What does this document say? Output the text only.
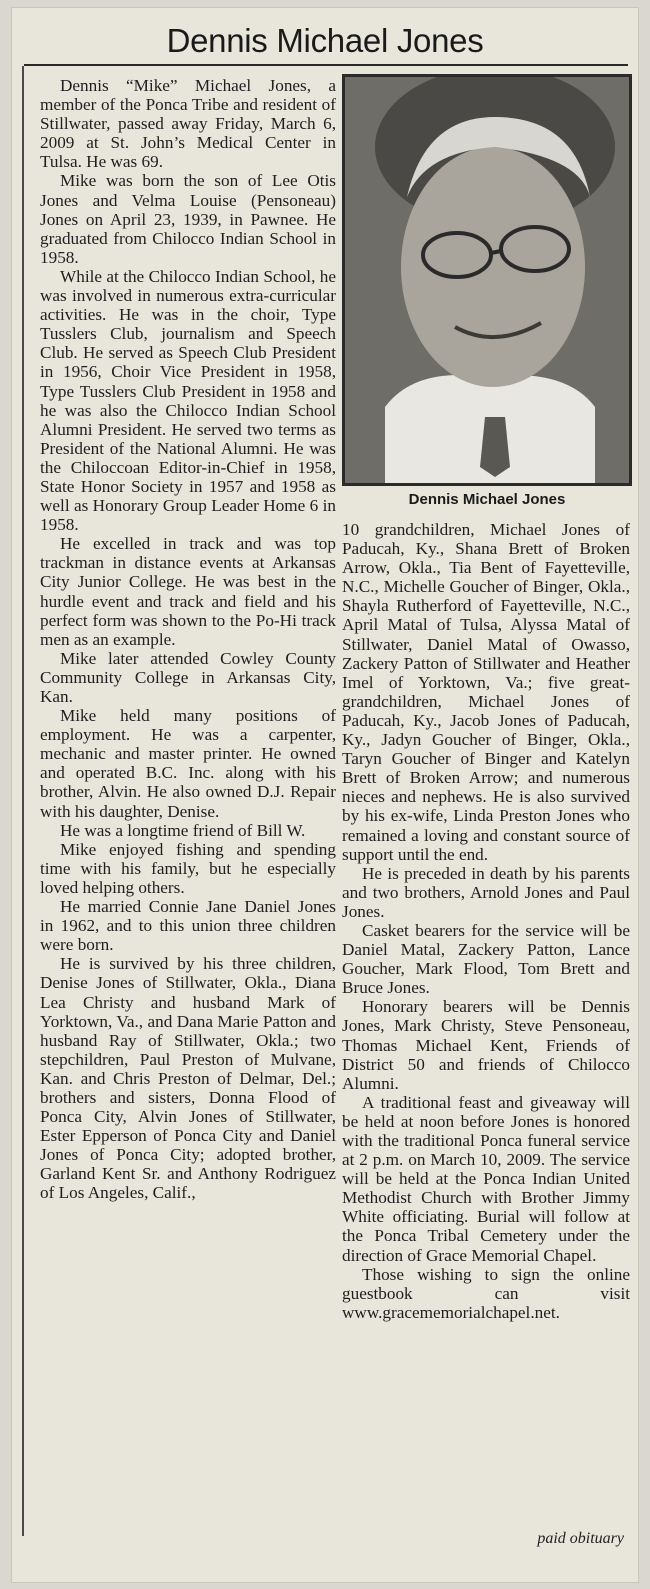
Dennis Michael Jones

Dennis “Mike” Michael Jones, a member of the Ponca Tribe and resident of Stillwater, passed away Friday, March 6, 2009 at St. John’s Medical Center in Tulsa. He was 69.

Mike was born the son of Lee Otis Jones and Velma Louise (Pensoneau) Jones on April 23, 1939, in Pawnee. He graduated from Chilocco Indian School in 1958.

While at the Chilocco Indian School, he was involved in numerous extra-curricular activities. He was in the choir, Type Tusslers Club, journalism and Speech Club. He served as Speech Club President in 1956, Choir Vice President in 1958, Type Tusslers Club President in 1958 and he was also the Chilocco Indian School Alumni President. He served two terms as President of the National Alumni. He was the Chiloccoan Editor-in-Chief in 1958, State Honor Society in 1957 and 1958 as well as Honorary Group Leader Home 6 in 1958.

He excelled in track and was top trackman in distance events at Arkansas City Junior College. He was best in the hurdle event and track and field and his perfect form was shown to the Po-Hi track men as an example.

Mike later attended Cowley County Community College in Arkansas City, Kan.

Mike held many positions of employment. He was a carpenter, mechanic and master printer. He owned and operated B.C. Inc. along with his brother, Alvin. He also owned D.J. Repair with his daughter, Denise.

He was a longtime friend of Bill W.

Mike enjoyed fishing and spending time with his family, but he especially loved helping others.

He married Connie Jane Daniel Jones in 1962, and to this union three children were born.

He is survived by his three children, Denise Jones of Stillwater, Okla., Diana Lea Christy and husband Mark of Yorktown, Va., and Dana Marie Patton and husband Ray of Stillwater, Okla.; two stepchildren, Paul Preston of Mulvane, Kan. and Chris Preston of Delmar, Del.; brothers and sisters, Donna Flood of Ponca City, Alvin Jones of Stillwater, Ester Epperson of Ponca City and Daniel Jones of Ponca City; adopted brother, Garland Kent Sr. and Anthony Rodriguez of Los Angeles, Calif.,

Dennis Michael Jones

10 grandchildren, Michael Jones of Paducah, Ky., Shana Brett of Broken Arrow, Okla., Tia Bent of Fayetteville, N.C., Michelle Goucher of Binger, Okla., Shayla Rutherford of Fayetteville, N.C., April Matal of Tulsa, Alyssa Matal of Stillwater, Daniel Matal of Owasso, Zackery Patton of Stillwater and Heather Imel of Yorktown, Va.; five great-grandchildren, Michael Jones of Paducah, Ky., Jacob Jones of Paducah, Ky., Jadyn Goucher of Binger, Okla., Taryn Goucher of Binger and Katelyn Brett of Broken Arrow; and numerous nieces and nephews. He is also survived by his ex-wife, Linda Preston Jones who remained a loving and constant source of support until the end.

He is preceded in death by his parents and two brothers, Arnold Jones and Paul Jones.

Casket bearers for the service will be Daniel Matal, Zackery Patton, Lance Goucher, Mark Flood, Tom Brett and Bruce Jones.

Honorary bearers will be Dennis Jones, Mark Christy, Steve Pensoneau, Thomas Michael Kent, Friends of District 50 and friends of Chilocco Alumni.

A traditional feast and giveaway will be held at noon before Jones is honored with the traditional Ponca funeral service at 2 p.m. on March 10, 2009. The service will be held at the Ponca Indian United Methodist Church with Brother Jimmy White officiating. Burial will follow at the Ponca Tribal Cemetery under the direction of Grace Memorial Chapel.

Those wishing to sign the online guestbook can visit www.gracememorialchapel.net.

paid obituary
